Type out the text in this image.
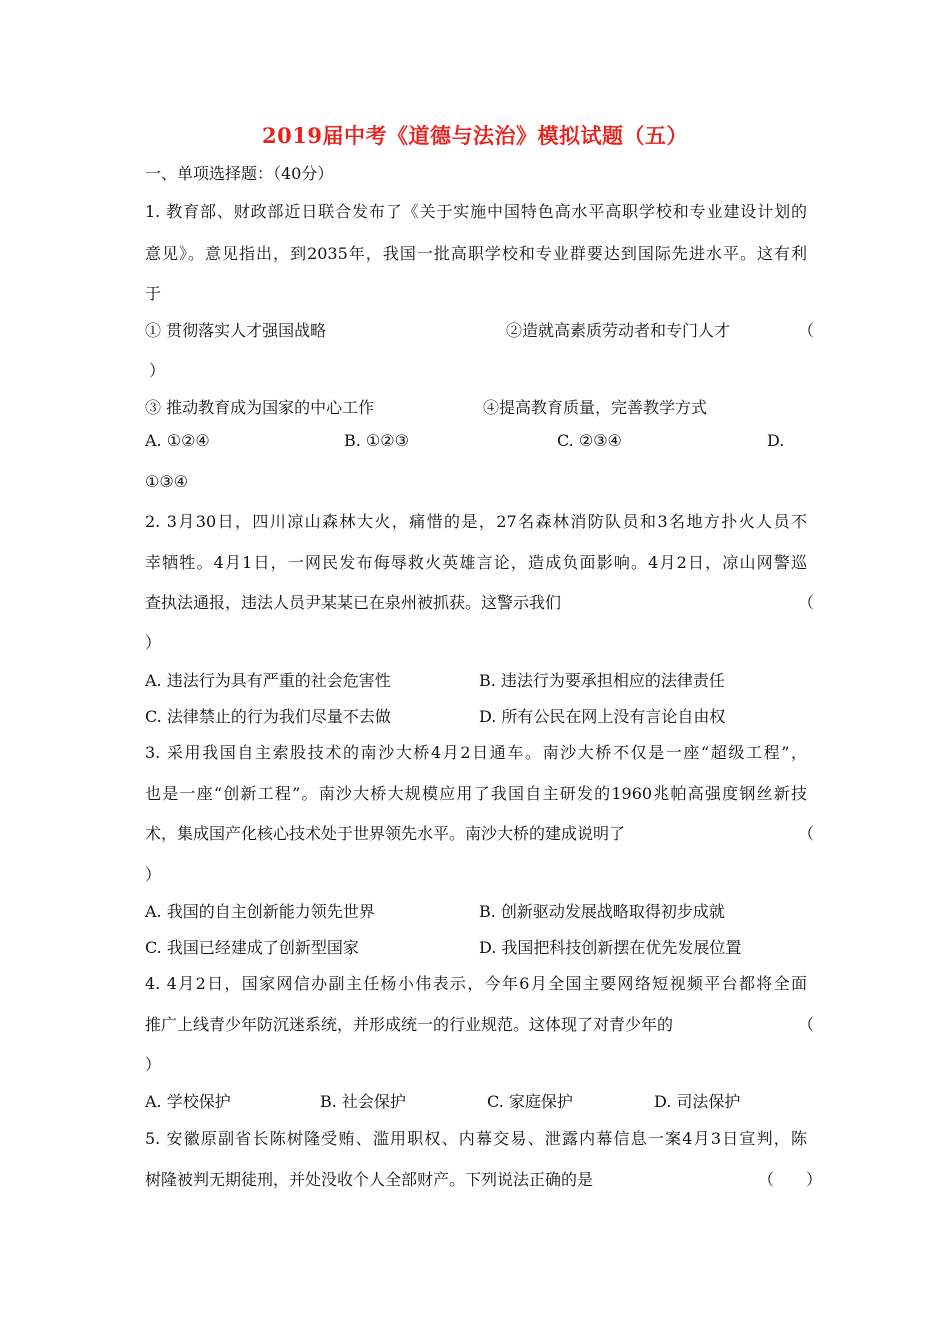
2019届中考《道德与法治》模拟试题（五）
一、单项选择题：（40分）
1. 教育部、财政部近日联合发布了《关于实施中国特色高水平高职学校和专业建设计划的
意见》。意见指出，到2035年，我国一批高职学校和专业群要达到国际先进水平。这有利
于
① 贯彻落实人才强国战略	②造就高素质劳动者和专门人才	（
）
③ 推动教育成为国家的中心工作	④提高教育质量，完善教学方式
A. ①②④	B. ①②③	C. ②③④	D.
①③④
2. 3月30日，四川凉山森林大火，痛惜的是，27名森林消防队员和3名地方扑火人员不
幸牺牲。4月1日，一网民发布侮辱救火英雄言论，造成负面影响。4月2日，凉山网警巡
查执法通报，违法人员尹某某已在泉州被抓获。这警示我们	（
）
A. 违法行为具有严重的社会危害性	B. 违法行为要承担相应的法律责任
C. 法律禁止的行为我们尽量不去做	D. 所有公民在网上没有言论自由权
3. 采用我国自主索股技术的南沙大桥4月2日通车。南沙大桥不仅是一座“超级工程”，
也是一座“创新工程”。南沙大桥大规模应用了我国自主研发的1960兆帕高强度钢丝新技
术，集成国产化核心技术处于世界领先水平。南沙大桥的建成说明了	（
）
A. 我国的自主创新能力领先世界	B. 创新驱动发展战略取得初步成就
C. 我国已经建成了创新型国家	D. 我国把科技创新摆在优先发展位置
4. 4月2日，国家网信办副主任杨小伟表示，今年6月全国主要网络短视频平台都将全面
推广上线青少年防沉迷系统，并形成统一的行业规范。这体现了对青少年的	（
）
A. 学校保护	B. 社会保护	C. 家庭保护	D. 司法保护
5. 安徽原副省长陈树隆受贿、滥用职权、内幕交易、泄露内幕信息一案4月3日宣判，陈
树隆被判无期徒刑，并处没收个人全部财产。下列说法正确的是	（　　）
